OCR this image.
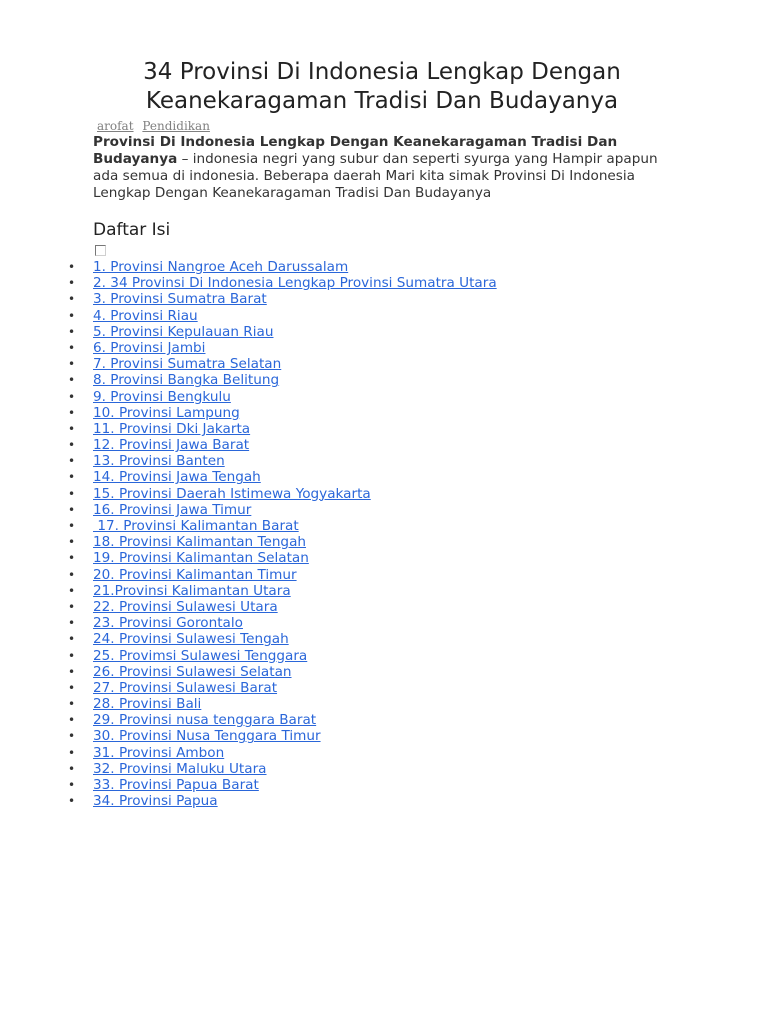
34 Provinsi Di Indonesia Lengkap Dengan Keanekaragaman Tradisi Dan Budayanya
arofat Pendidikan
Provinsi Di Indonesia Lengkap Dengan Keanekaragaman Tradisi Dan Budayanya – indonesia negri yang subur dan seperti syurga yang Hampir apapun ada semua di indonesia. Beberapa daerah Mari kita simak Provinsi Di Indonesia Lengkap Dengan Keanekaragaman Tradisi Dan Budayanya
Daftar Isi
• 1. Provinsi Nangroe Aceh Darussalam
• 2. 34 Provinsi Di Indonesia Lengkap Provinsi Sumatra Utara
• 3. Provinsi Sumatra Barat
• 4. Provinsi Riau
• 5. Provinsi Kepulauan Riau
• 6. Provinsi Jambi
• 7. Provinsi Sumatra Selatan
• 8. Provinsi Bangka Belitung
• 9. Provinsi Bengkulu
• 10. Provinsi Lampung
• 11. Provinsi Dki Jakarta
• 12. Provinsi Jawa Barat
• 13. Provinsi Banten
• 14. Provinsi Jawa Tengah
• 15. Provinsi Daerah Istimewa Yogyakarta
• 16. Provinsi Jawa Timur
• 17. Provinsi Kalimantan Barat
• 18. Provinsi Kalimantan Tengah
• 19. Provinsi Kalimantan Selatan
• 20. Provinsi Kalimantan Timur
• 21.Provinsi Kalimantan Utara
• 22. Provinsi Sulawesi Utara
• 23. Provinsi Gorontalo
• 24. Provinsi Sulawesi Tengah
• 25. Provimsi Sulawesi Tenggara
• 26. Provinsi Sulawesi Selatan
• 27. Provinsi Sulawesi Barat
• 28. Provinsi Bali
• 29. Provinsi nusa tenggara Barat
• 30. Provinsi Nusa Tenggara Timur
• 31. Provinsi Ambon
• 32. Provinsi Maluku Utara
• 33. Provinsi Papua Barat
• 34. Provinsi Papua
